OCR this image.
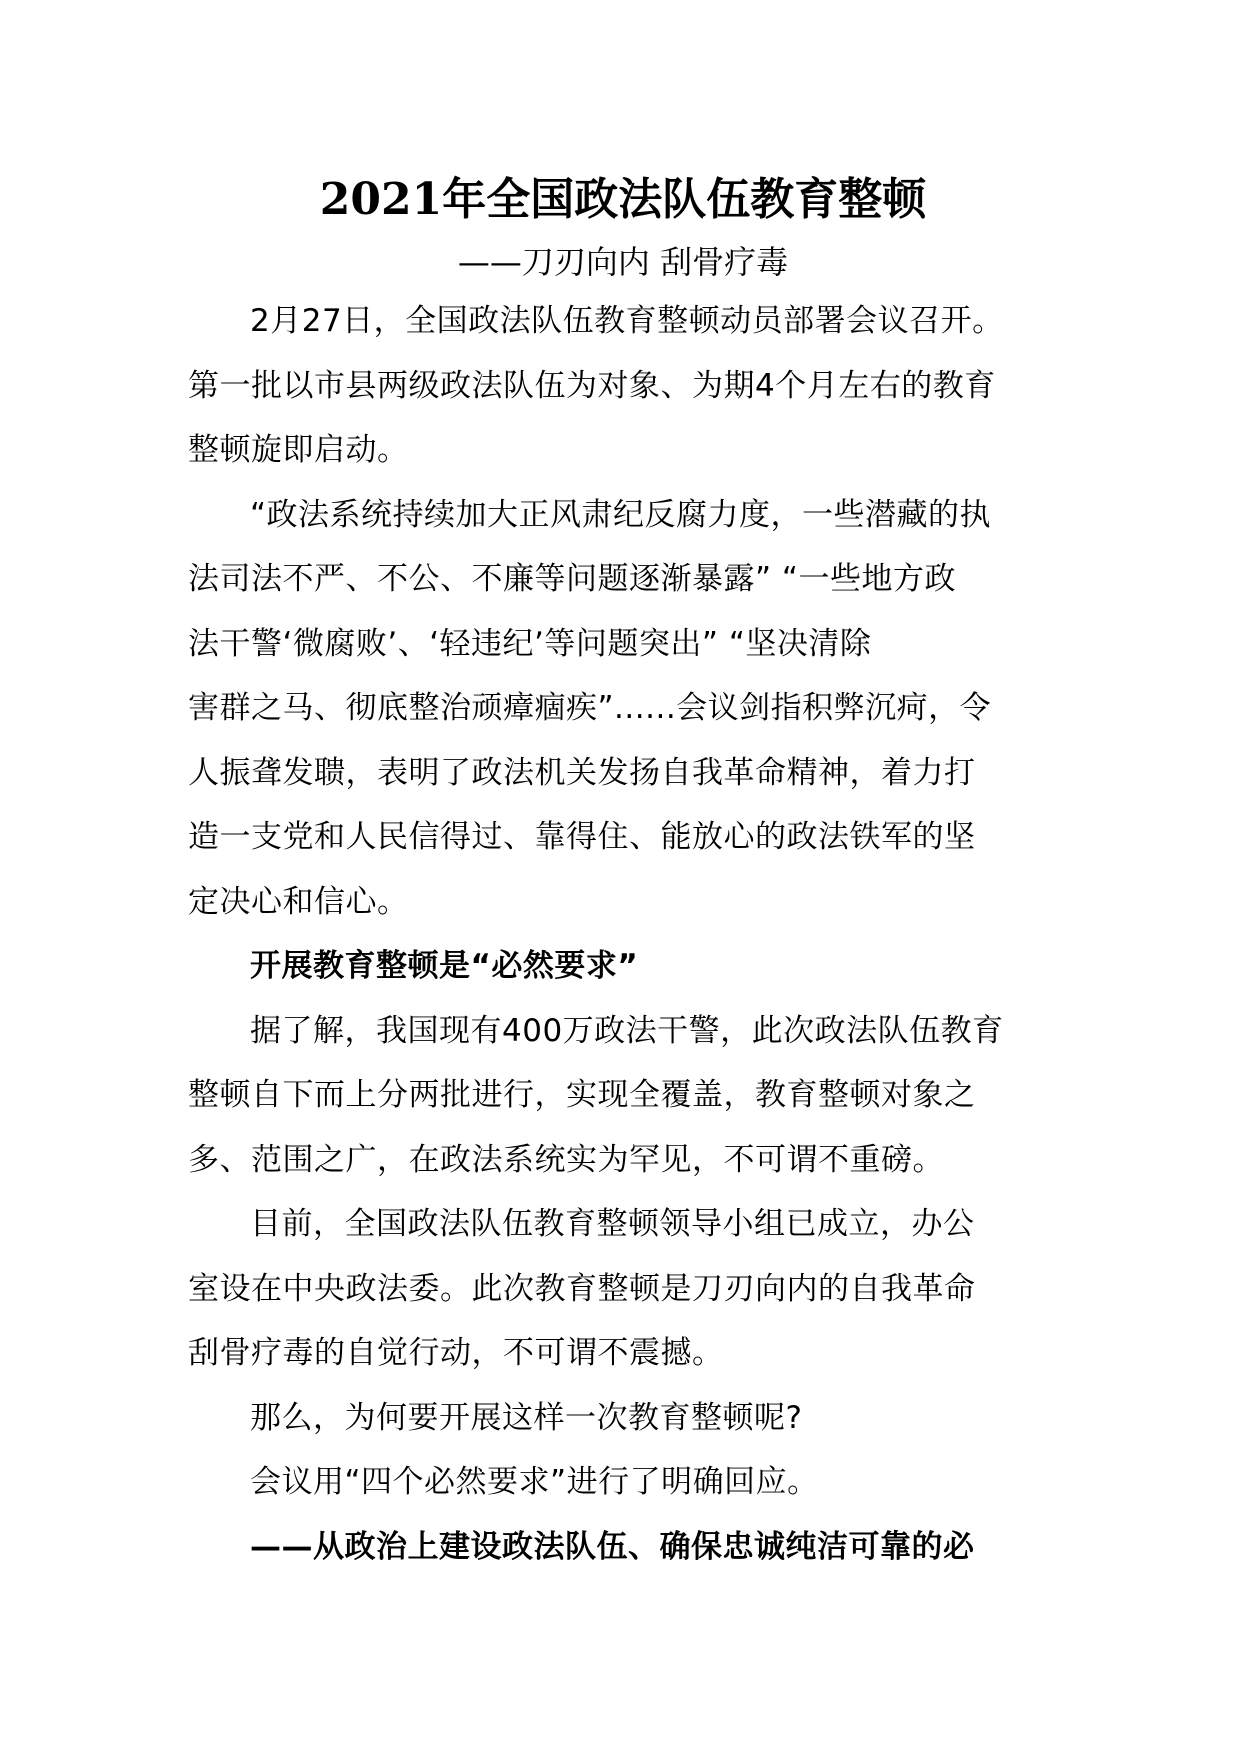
2021年全国政法队伍教育整顿
——刀刃向内 刮骨疗毒

2月27日，全国政法队伍教育整顿动员部署会议召开。
第一批以市县两级政法队伍为对象、为期4个月左右的教育
整顿旋即启动。

“政法系统持续加大正风肃纪反腐力度，一些潜藏的执
法司法不严、不公、不廉等问题逐渐暴露” “一些地方政
法干警‘微腐败’、‘轻违纪’等问题突出” “坚决清除
害群之马、彻底整治顽瘴痼疾”......会议剑指积弊沉疴，令
人振聋发聩，表明了政法机关发扬自我革命精神，着力打
造一支党和人民信得过、靠得住、能放心的政法铁军的坚
定决心和信心。

开展教育整顿是“必然要求”

据了解，我国现有400万政法干警，此次政法队伍教育
整顿自下而上分两批进行，实现全覆盖，教育整顿对象之
多、范围之广，在政法系统实为罕见，不可谓不重磅。

目前，全国政法队伍教育整顿领导小组已成立，办公
室设在中央政法委。此次教育整顿是刀刃向内的自我革命
刮骨疗毒的自觉行动，不可谓不震撼。

那么，为何要开展这样一次教育整顿呢?

会议用“四个必然要求”进行了明确回应。

——从政治上建设政法队伍、确保忠诚纯洁可靠的必
